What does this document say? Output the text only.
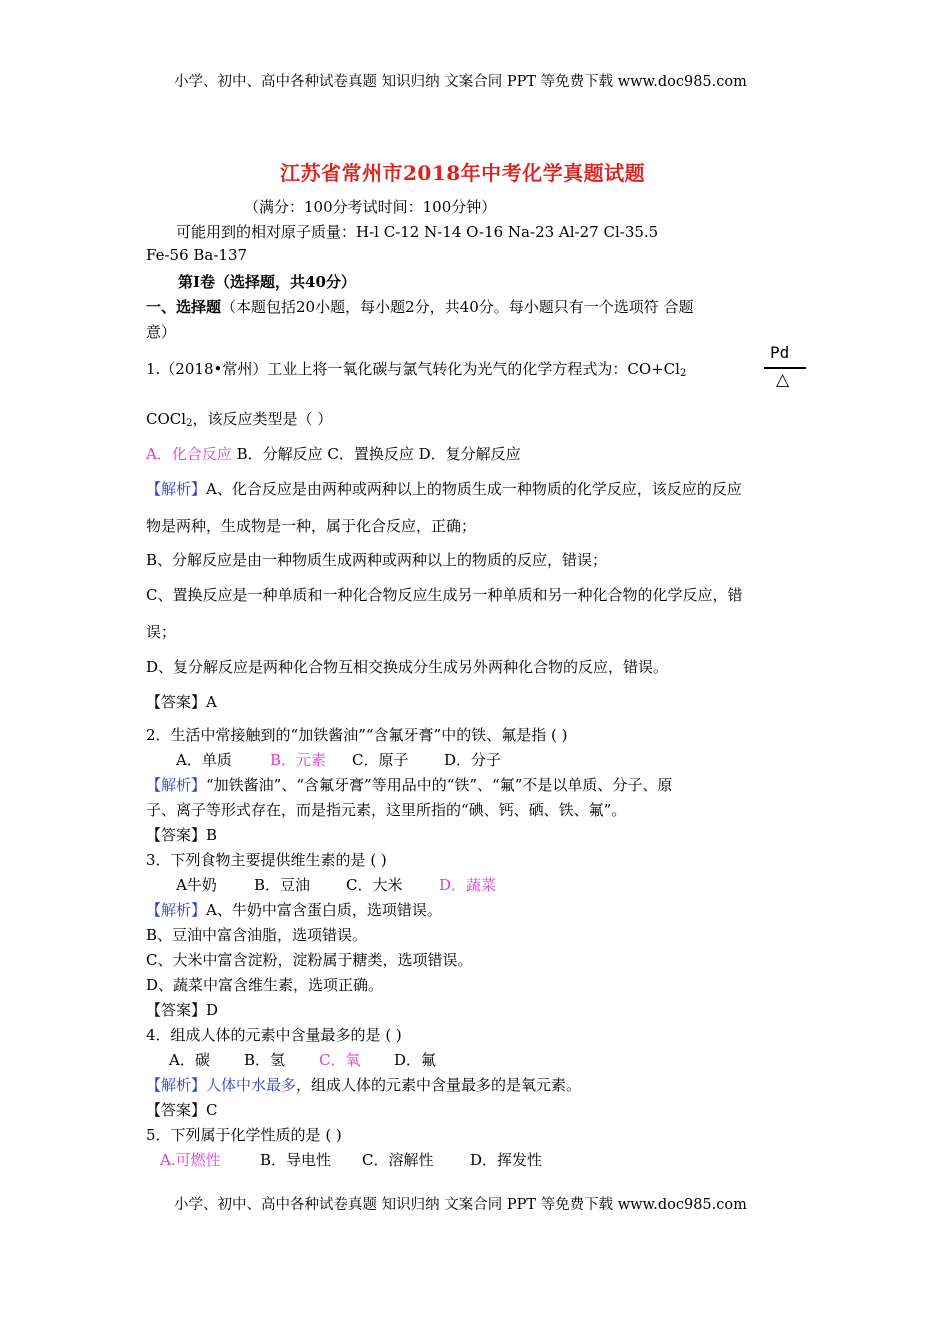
小学、初中、高中各种试卷真题 知识归纳 文案合同 PPT 等免费下载 www.doc985.com
江苏省常州市2018年中考化学真题试题
（满分：100分考试时间：100分钟）
可能用到的相对原子质量：H-l C-12 N-14 O-16 Na-23 Al-27 Cl-35.5
Fe-56 Ba-137
第Ⅰ卷（选择题，共40分）
一、选择题（本题包括20小题，每小题2分，共40分。每小题只有一个选项符 合题
意）
1.（2018•常州）工业上将一氧化碳与氯气转化为光气的化学方程式为：$CO+Cl_2$
Pd
△
COCl$_2$，该反应类型是（ ）
A．化合反应 B．分解反应 C．置换反应 D．复分解反应
【解析】A、化合反应是由两种或两种以上的物质生成一种物质的化学反应，该反应的反应
物是两种，生成物是一种，属于化合反应，正确；
B、分解反应是由一种物质生成两种或两种以上的物质的反应，错误；
C、置换反应是一种单质和一种化合物反应生成另一种单质和另一种化合物的化学反应，错
误；
D、复分解反应是两种化合物互相交换成分生成另外两种化合物的反应，错误。
【答案】A
2．生活中常接触到的“加铁酱油”“含氟牙膏”中的铁、氟是指 ( )
A．单质	B．元素 C．原子 D．分子
【解析】“加铁酱油”、“含氟牙膏”等用品中的“铁”、“氟”不是以单质、分子、原
子、离子等形式存在，而是指元素，这里所指的“碘、钙、硒、铁、氟”。
【答案】B
3．下列食物主要提供维生素的是 ( )
A牛奶 B．豆油 C．大米 D．蔬菜
【解析】A、牛奶中富含蛋白质，选项错误。
B、豆油中富含油脂，选项错误。
C、大米中富含淀粉，淀粉属于糖类，选项错误。
D、蔬菜中富含维生素，选项正确。
【答案】D
4．组成人体的元素中含量最多的是 ( )
A．碳 B．氢 C．氧 D．氟
【解析】人体中水最多，组成人体的元素中含量最多的是氧元素。
【答案】C
5．下列属于化学性质的是 ( )
A.可燃性	B．导电性 C．溶解性 D．挥发性
小学、初中、高中各种试卷真题 知识归纳 文案合同 PPT 等免费下载 www.doc985.com
